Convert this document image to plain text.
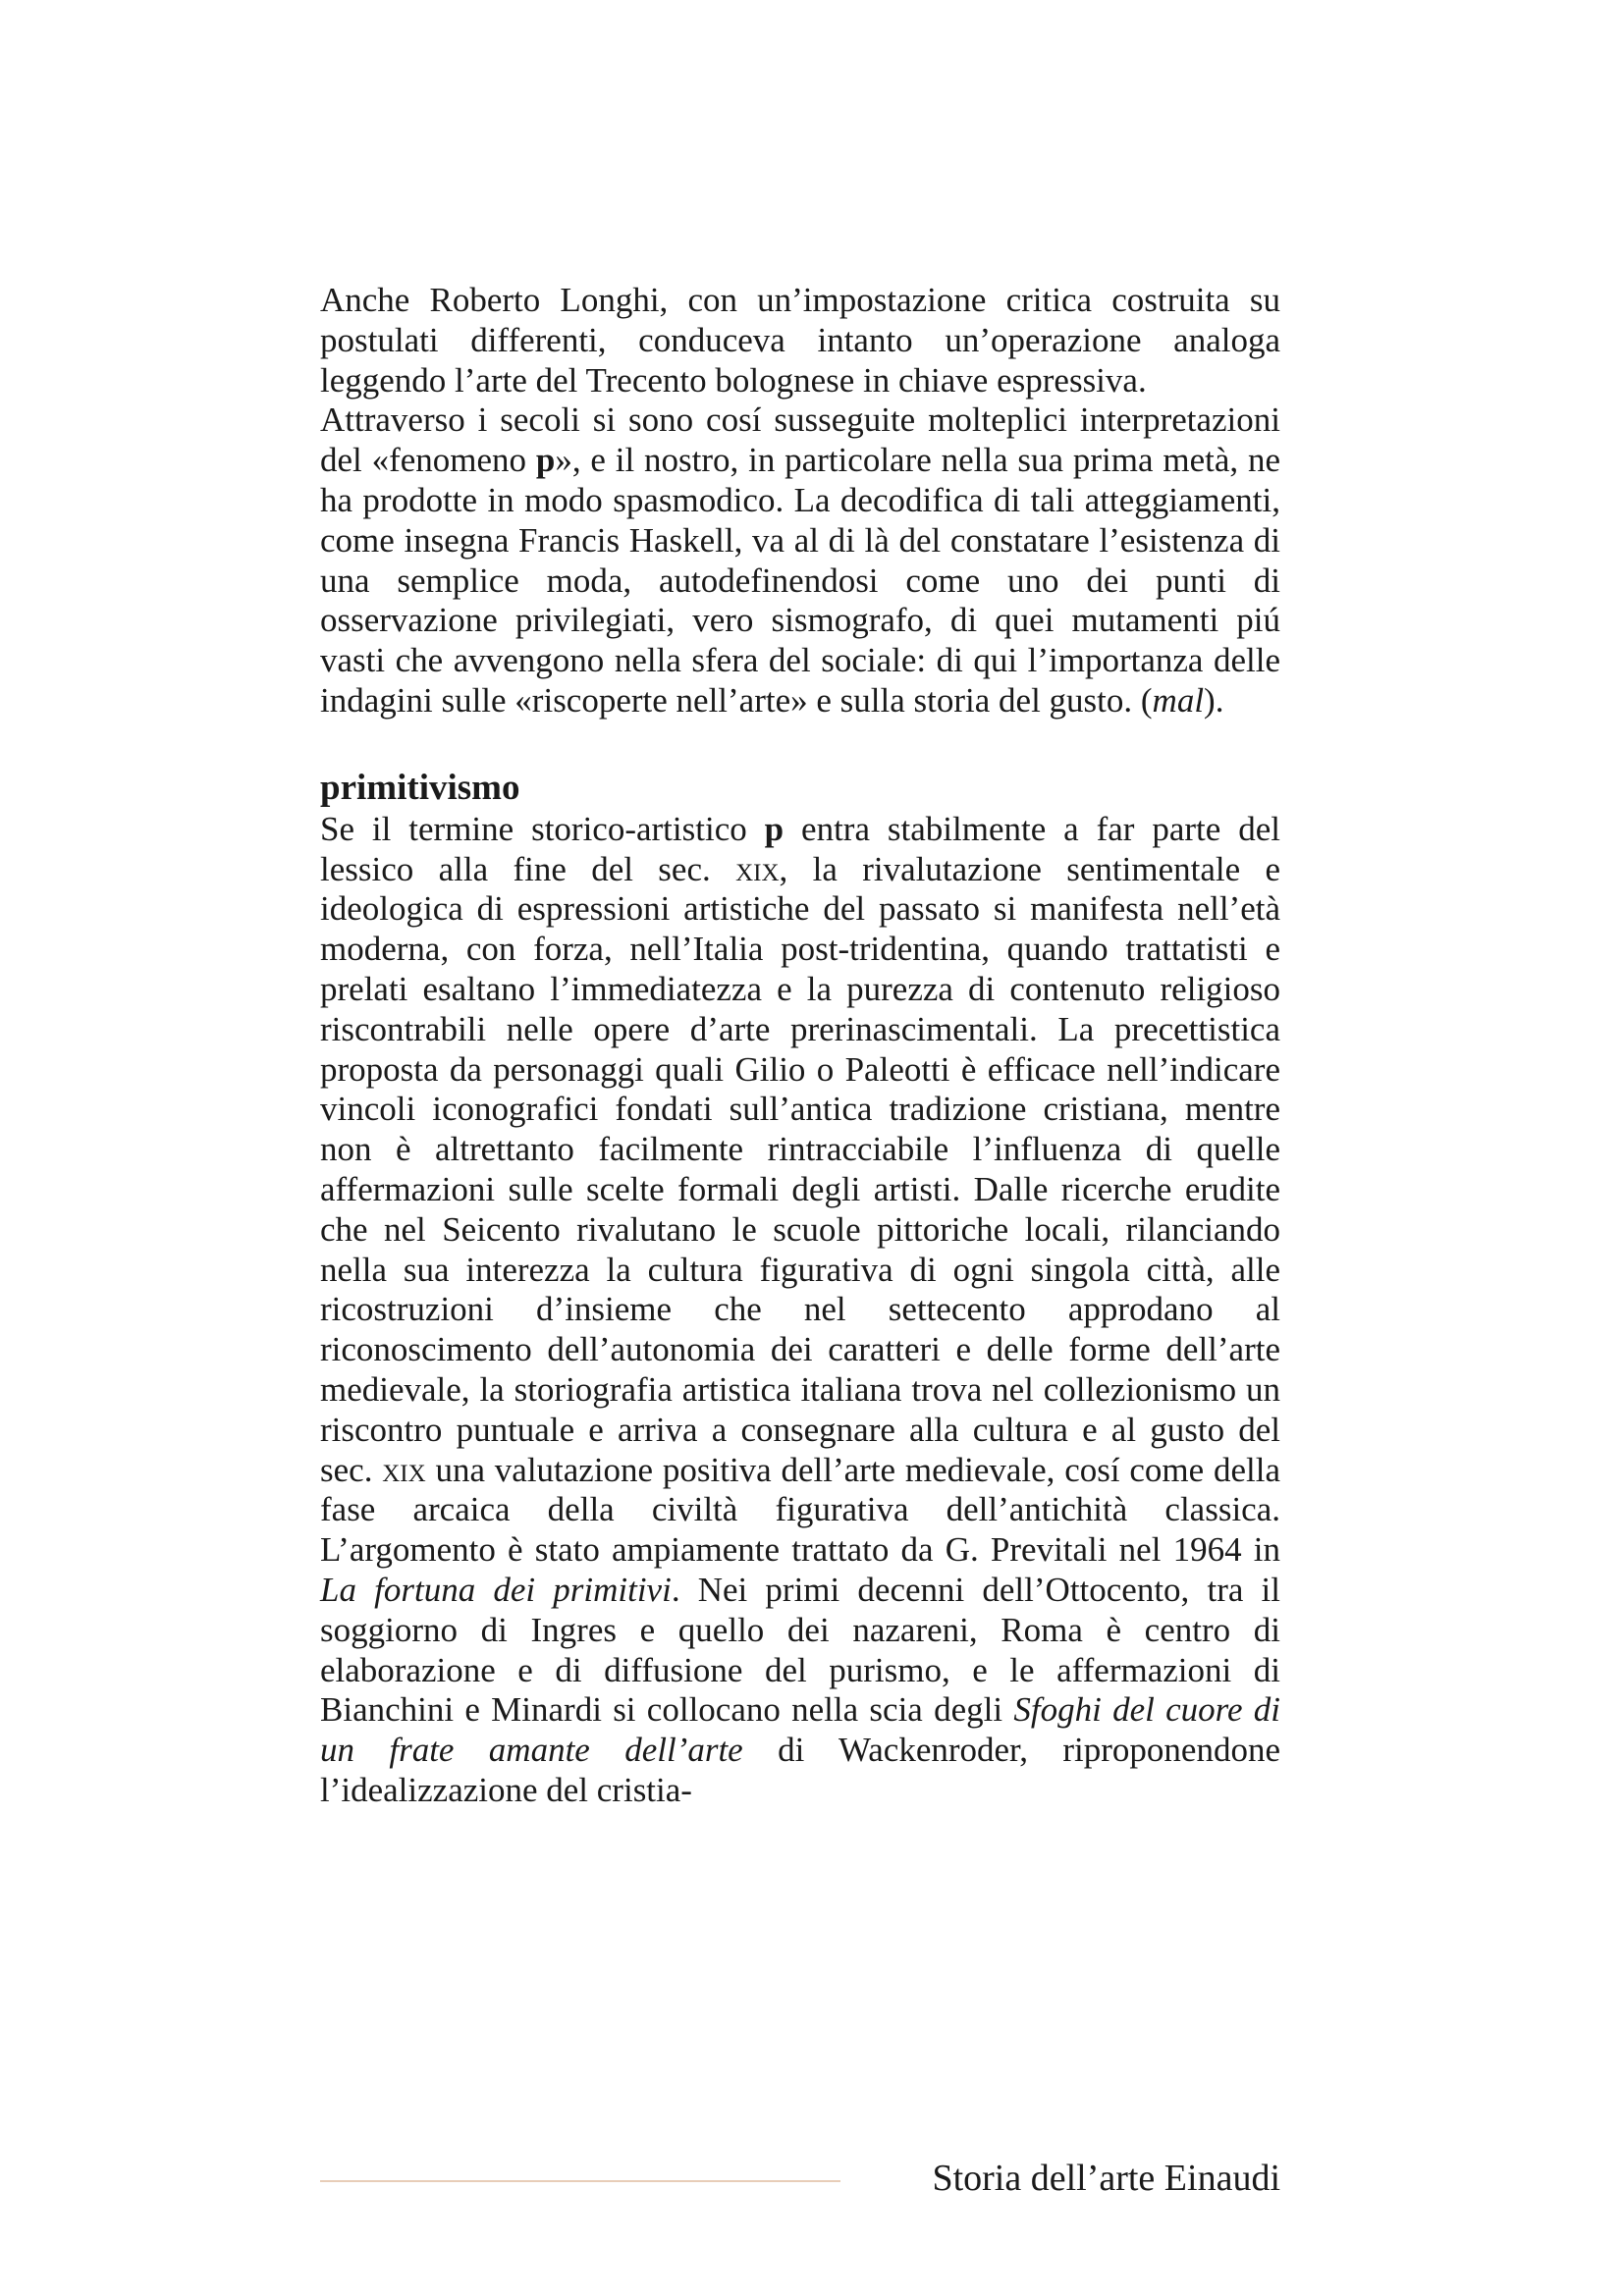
Anche Roberto Longhi, con un’impostazione critica costruita su postulati differenti, conduceva intanto un’operazione analoga leggendo l’arte del Trecento bolognese in chiave espressiva.

Attraverso i secoli si sono cosí susseguite molteplici interpretazioni del «fenomeno p», e il nostro, in particolare nella sua prima metà, ne ha prodotte in modo spasmodico. La decodifica di tali atteggiamenti, come insegna Francis Haskell, va al di là del constatare l’esistenza di una semplice moda, autodefinendosi come uno dei punti di osservazione privilegiati, vero sismografo, di quei mutamenti piú vasti che avvengono nella sfera del sociale: di qui l’importanza delle indagini sulle «riscoperte nell’arte» e sulla storia del gusto. (mal).

primitivismo

Se il termine storico-artistico p entra stabilmente a far parte del lessico alla fine del sec. xix, la rivalutazione sentimentale e ideologica di espressioni artistiche del passato si manifesta nell’età moderna, con forza, nell’Italia post-tridentina, quando trattatisti e prelati esaltano l’immediatezza e la purezza di contenuto religioso riscontrabili nelle opere d’arte prerinascimentali. La precettistica proposta da personaggi quali Gilio o Paleotti è efficace nell’indicare vincoli iconografici fondati sull’antica tradizione cristiana, mentre non è altrettanto facilmente rintracciabile l’influenza di quelle affermazioni sulle scelte formali degli artisti. Dalle ricerche erudite che nel Seicento rivalutano le scuole pittoriche locali, rilanciando nella sua interezza la cultura figurativa di ogni singola città, alle ricostruzioni d’insieme che nel settecento approdano al riconoscimento dell’autonomia dei caratteri e delle forme dell’arte medievale, la storiografia artistica italiana trova nel collezionismo un riscontro puntuale e arriva a consegnare alla cultura e al gusto del sec. xix una valutazione positiva dell’arte medievale, cosí come della fase arcaica della civiltà figurativa dell’antichità classica. L’argomento è stato ampiamente trattato da G. Previtali nel 1964 in La fortuna dei primitivi. Nei primi decenni dell’Ottocento, tra il soggiorno di Ingres e quello dei nazareni, Roma è centro di elaborazione e di diffusione del purismo, e le affermazioni di Bianchini e Minardi si collocano nella scia degli Sfoghi del cuore di un frate amante dell’arte di Wackenroder, riproponendone l’idealizzazione del cristia-

Storia dell’arte Einaudi
